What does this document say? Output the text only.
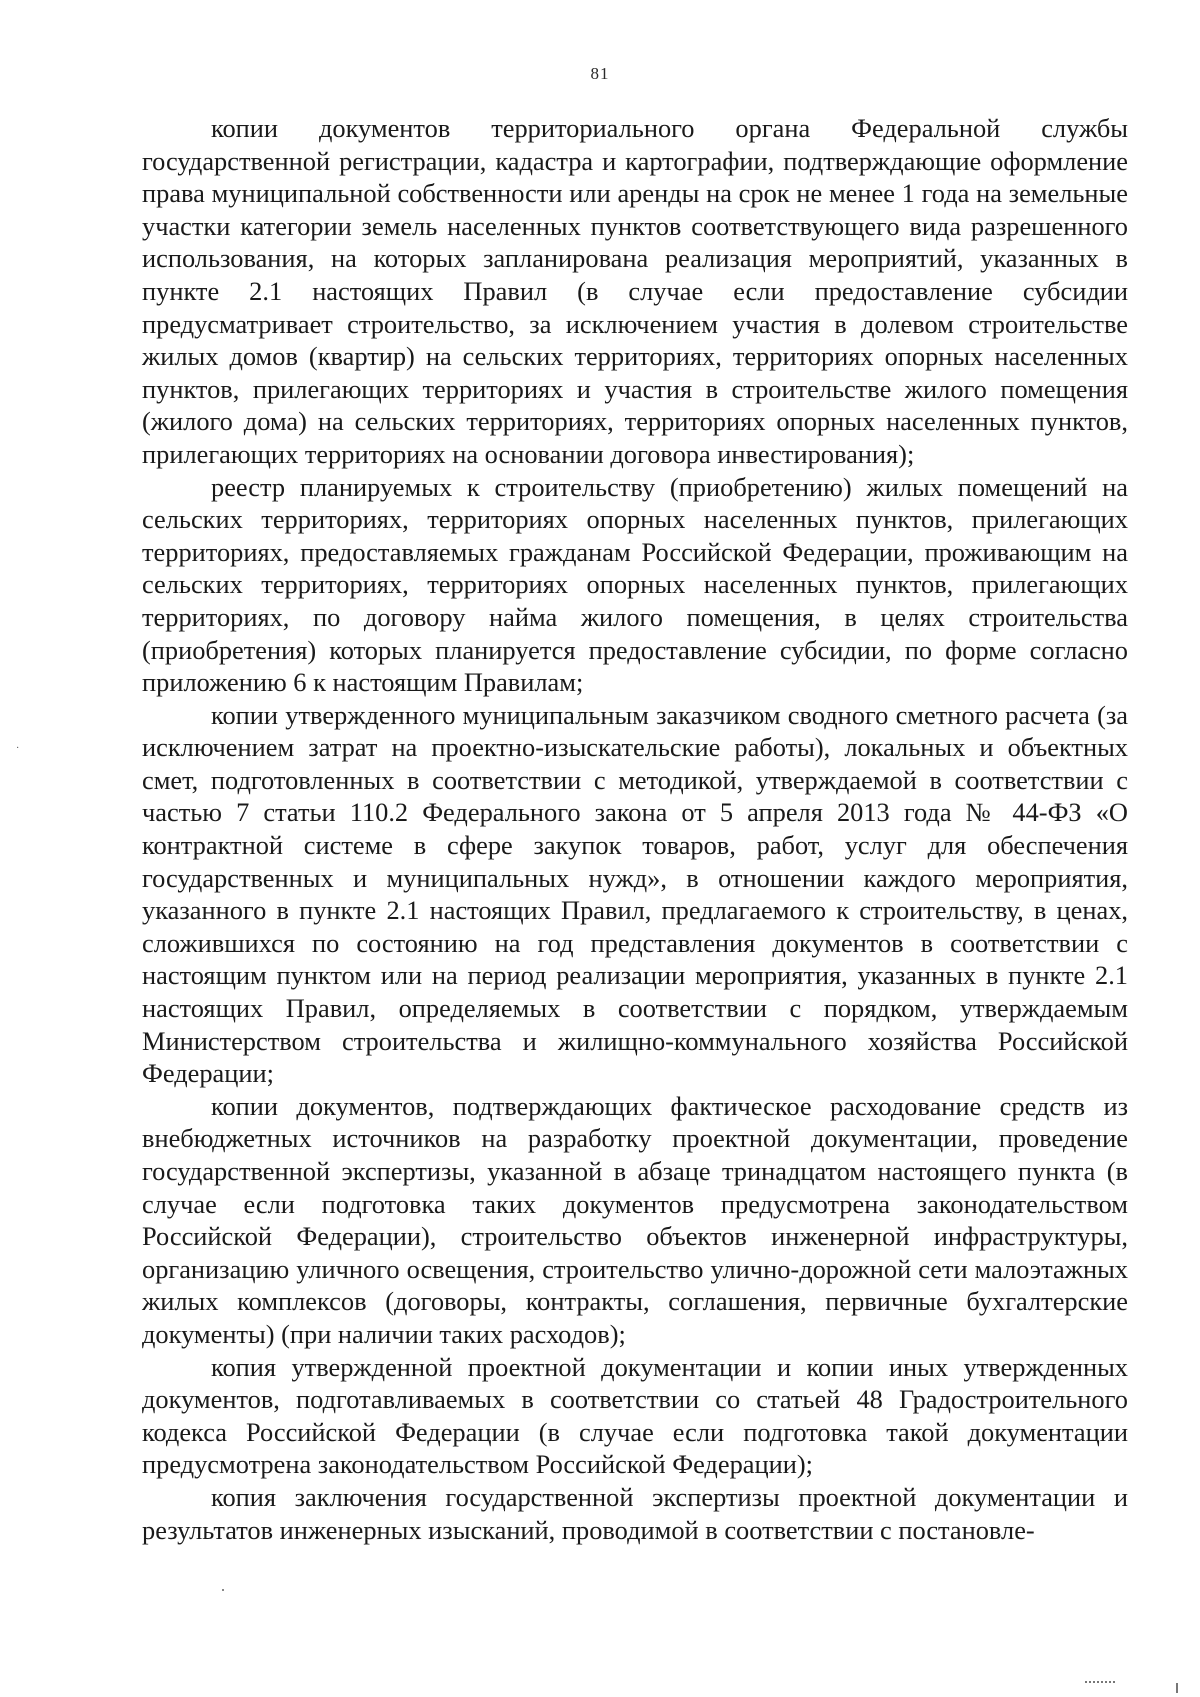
81
·

копии документов территориального органа Федеральной службы государственной регистрации, кадастра и картографии, подтверждающие оформление права муниципальной собственности или аренды на срок не менее 1 года на земельные участки категории земель населенных пунктов соответствующего вида разрешенного использования, на которых запланирована реализация мероприятий, указанных в пункте 2.1 настоящих Правил (в случае если предоставление субсидии предусматривает строительство, за исключением участия в долевом строительстве жилых домов (квартир) на сельских территориях, территориях опорных населенных пунктов, прилегающих территориях и участия в строительстве жилого помещения (жилого дома) на сельских территориях, территориях опорных населенных пунктов, прилегающих территориях на основании договора инвестирования);

реестр планируемых к строительству (приобретению) жилых помещений на сельских территориях, территориях опорных населенных пунктов, прилегающих территориях, предоставляемых гражданам Российской Федерации, проживающим на сельских территориях, территориях опорных населенных пунктов, прилегающих территориях, по договору найма жилого помещения, в целях строительства (приобретения) которых планируется предоставление субсидии, по форме согласно приложению 6 к настоящим Правилам;

копии утвержденного муниципальным заказчиком сводного сметного расчета (за исключением затрат на проектно-изыскательские работы), локальных и объектных смет, подготовленных в соответствии с методикой, утверждаемой в соответствии с частью 7 статьи 110.2 Федерального закона от 5 апреля 2013 года № 44-ФЗ «О контрактной системе в сфере закупок товаров, работ, услуг для обеспечения государственных и муниципальных нужд», в отношении каждого мероприятия, указанного в пункте 2.1 настоящих Правил, предлагаемого к строительству, в ценах, сложившихся по состоянию на год представления документов в соответствии с настоящим пунктом или на период реализации мероприятия, указанных в пункте 2.1 настоящих Правил, определяемых в соответствии с порядком, утверждаемым Министерством строительства и жилищно-коммунального хозяйства Российской Федерации;

копии документов, подтверждающих фактическое расходование средств из внебюджетных источников на разработку проектной документации, проведение государственной экспертизы, указанной в абзаце тринадцатом настоящего пункта (в случае если подготовка таких документов предусмотрена законодательством Российской Федерации), строительство объектов инженерной инфраструктуры, организацию уличного освещения, строительство улично-дорожной сети малоэтажных жилых комплексов (договоры, контракты, соглашения, первичные бухгалтерские документы) (при наличии таких расходов);

копия утвержденной проектной документации и копии иных утвержденных документов, подготавливаемых в соответствии со статьей 48 Градостроительного кодекса Российской Федерации (в случае если подготовка такой документации предусмотрена законодательством Российской Федерации);

копия заключения государственной экспертизы проектной документации и результатов инженерных изысканий, проводимой в соответствии с постановле-
